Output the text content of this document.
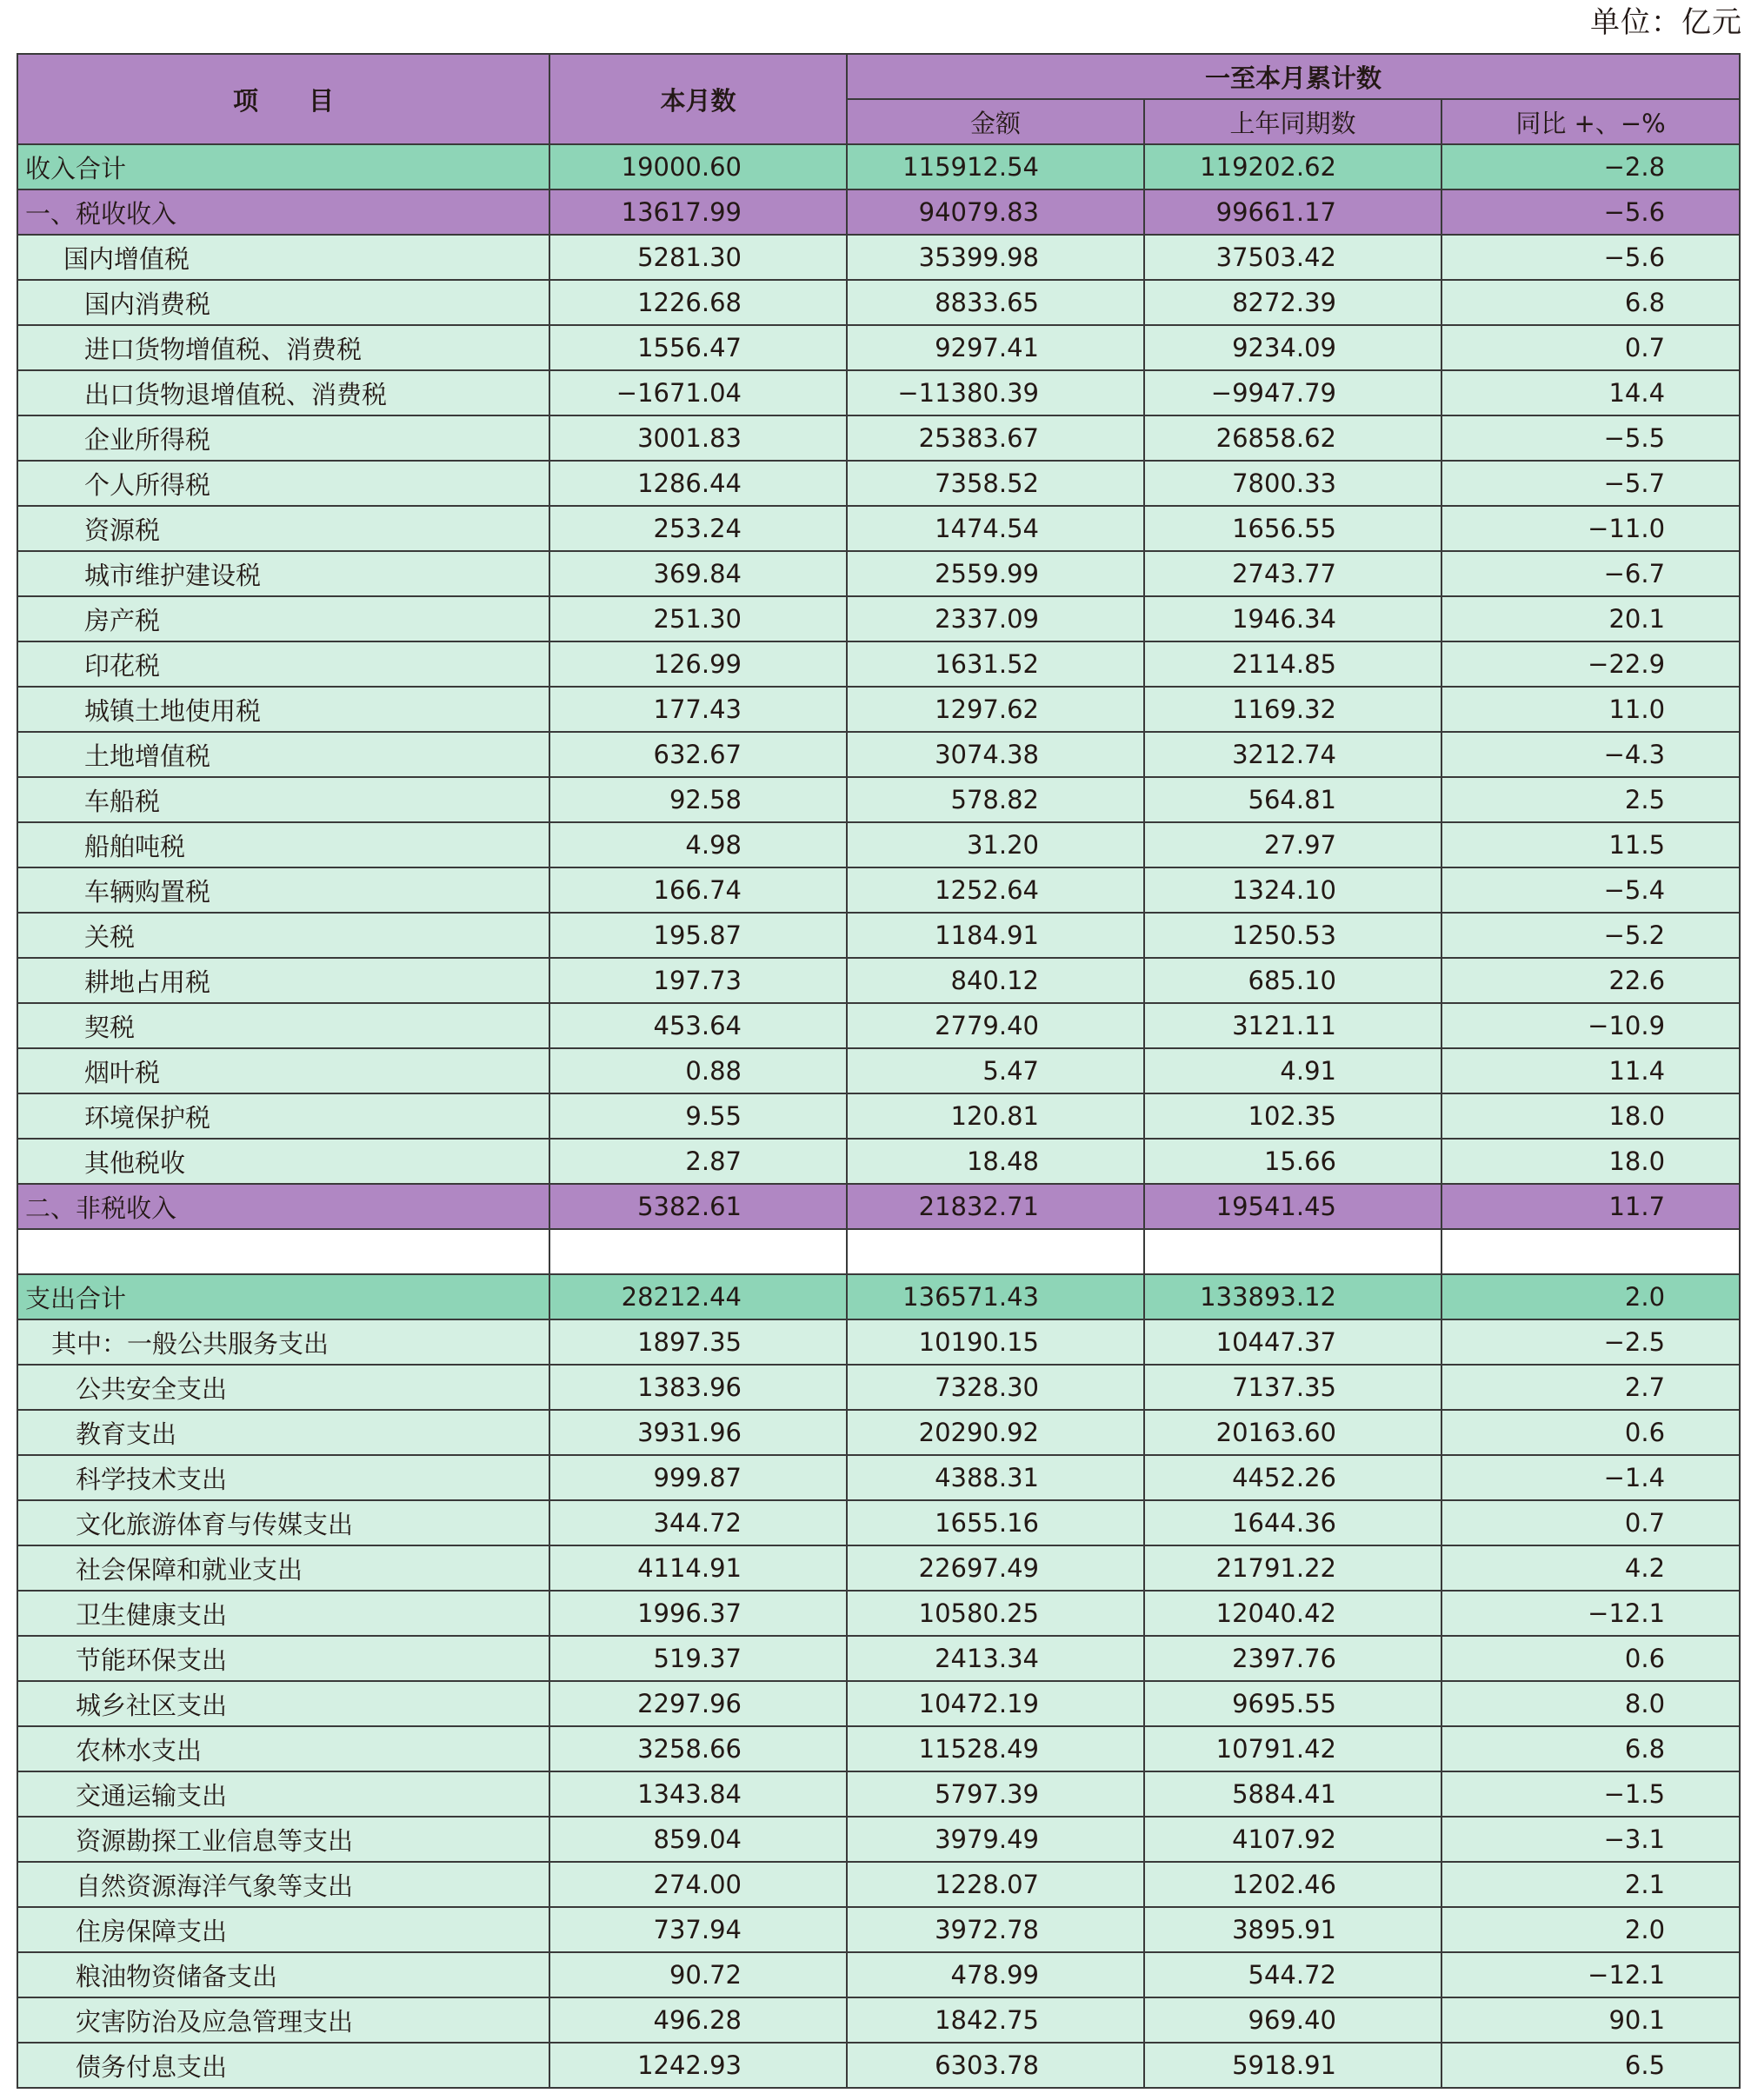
单位：亿元
项　　目	本月数	一至本月累计数		
		金额	上年同期数	同比 +、−%
收入合计	19000.60	115912.54	119202.62	−2.8
一、税收收入	13617.99	94079.83	99661.17	−5.6
国内增值税	5281.30	35399.98	37503.42	−5.6
国内消费税	1226.68	8833.65	8272.39	6.8
进口货物增值税、消费税	1556.47	9297.41	9234.09	0.7
出口货物退增值税、消费税	−1671.04	−11380.39	−9947.79	14.4
企业所得税	3001.83	25383.67	26858.62	−5.5
个人所得税	1286.44	7358.52	7800.33	−5.7
资源税	253.24	1474.54	1656.55	−11.0
城市维护建设税	369.84	2559.99	2743.77	−6.7
房产税	251.30	2337.09	1946.34	20.1
印花税	126.99	1631.52	2114.85	−22.9
城镇土地使用税	177.43	1297.62	1169.32	11.0
土地增值税	632.67	3074.38	3212.74	−4.3
车船税	92.58	578.82	564.81	2.5
船舶吨税	4.98	31.20	27.97	11.5
车辆购置税	166.74	1252.64	1324.10	−5.4
关税	195.87	1184.91	1250.53	−5.2
耕地占用税	197.73	840.12	685.10	22.6
契税	453.64	2779.40	3121.11	−10.9
烟叶税	0.88	5.47	4.91	11.4
环境保护税	9.55	120.81	102.35	18.0
其他税收	2.87	18.48	15.66	18.0
二、非税收入	5382.61	21832.71	19541.45	11.7

支出合计	28212.44	136571.43	133893.12	2.0
其中：一般公共服务支出	1897.35	10190.15	10447.37	−2.5
公共安全支出	1383.96	7328.30	7137.35	2.7
教育支出	3931.96	20290.92	20163.60	0.6
科学技术支出	999.87	4388.31	4452.26	−1.4
文化旅游体育与传媒支出	344.72	1655.16	1644.36	0.7
社会保障和就业支出	4114.91	22697.49	21791.22	4.2
卫生健康支出	1996.37	10580.25	12040.42	−12.1
节能环保支出	519.37	2413.34	2397.76	0.6
城乡社区支出	2297.96	10472.19	9695.55	8.0
农林水支出	3258.66	11528.49	10791.42	6.8
交通运输支出	1343.84	5797.39	5884.41	−1.5
资源勘探工业信息等支出	859.04	3979.49	4107.92	−3.1
自然资源海洋气象等支出	274.00	1228.07	1202.46	2.1
住房保障支出	737.94	3972.78	3895.91	2.0
粮油物资储备支出	90.72	478.99	544.72	−12.1
灾害防治及应急管理支出	496.28	1842.75	969.40	90.1
债务付息支出	1242.93	6303.78	5918.91	6.5
